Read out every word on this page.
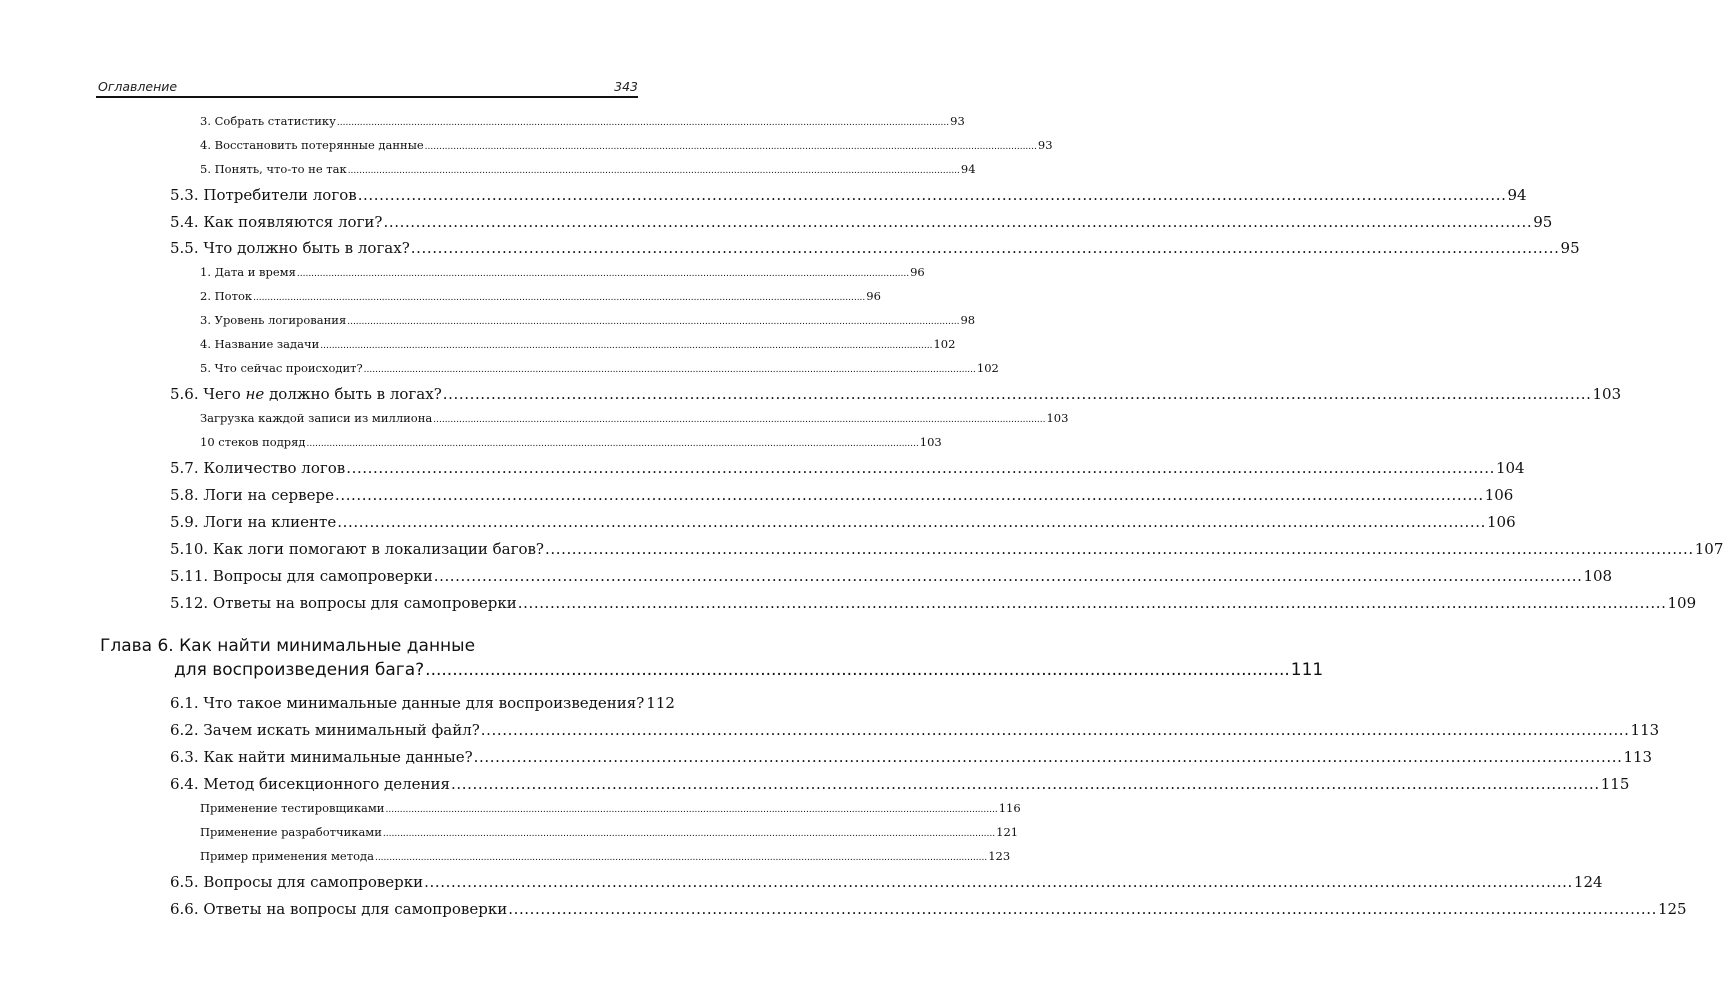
Оглавление	343
3. Собрать статистику .....	93
4. Восстановить потерянные данные .....	93
5. Понять, что-то не так .....	94
5.3. Потребители логов .....	94
5.4. Как появляются логи? .....	95
5.5. Что должно быть в логах? .....	95
1. Дата и время .....	96
2. Поток .....	96
3. Уровень логирования .....	98
4. Название задачи .....	102
5. Что сейчас происходит? .....	102
5.6. Чего не должно быть в логах? .....	103
Загрузка каждой записи из миллиона .....	103
10 стеков подряд .....	103
5.7. Количество логов .....	104
5.8. Логи на сервере .....	106
5.9. Логи на клиенте .....	106
5.10. Как логи помогают в локализации багов? .....	107
5.11. Вопросы для самопроверки .....	108
5.12. Ответы на вопросы для самопроверки .....	109
Глава 6. Как найти минимальные данные
для воспроизведения бага? .....	111
6.1. Что такое минимальные данные для воспроизведения? 112
6.2. Зачем искать минимальный файл? .....	113
6.3. Как найти минимальные данные? .....	113
6.4. Метод бисекционного деления .....	115
Применение тестировщиками .....	116
Применение разработчиками .....	121
Пример применения метода .....	123
6.5. Вопросы для самопроверки .....	124
6.6. Ответы на вопросы для самопроверки .....	125
